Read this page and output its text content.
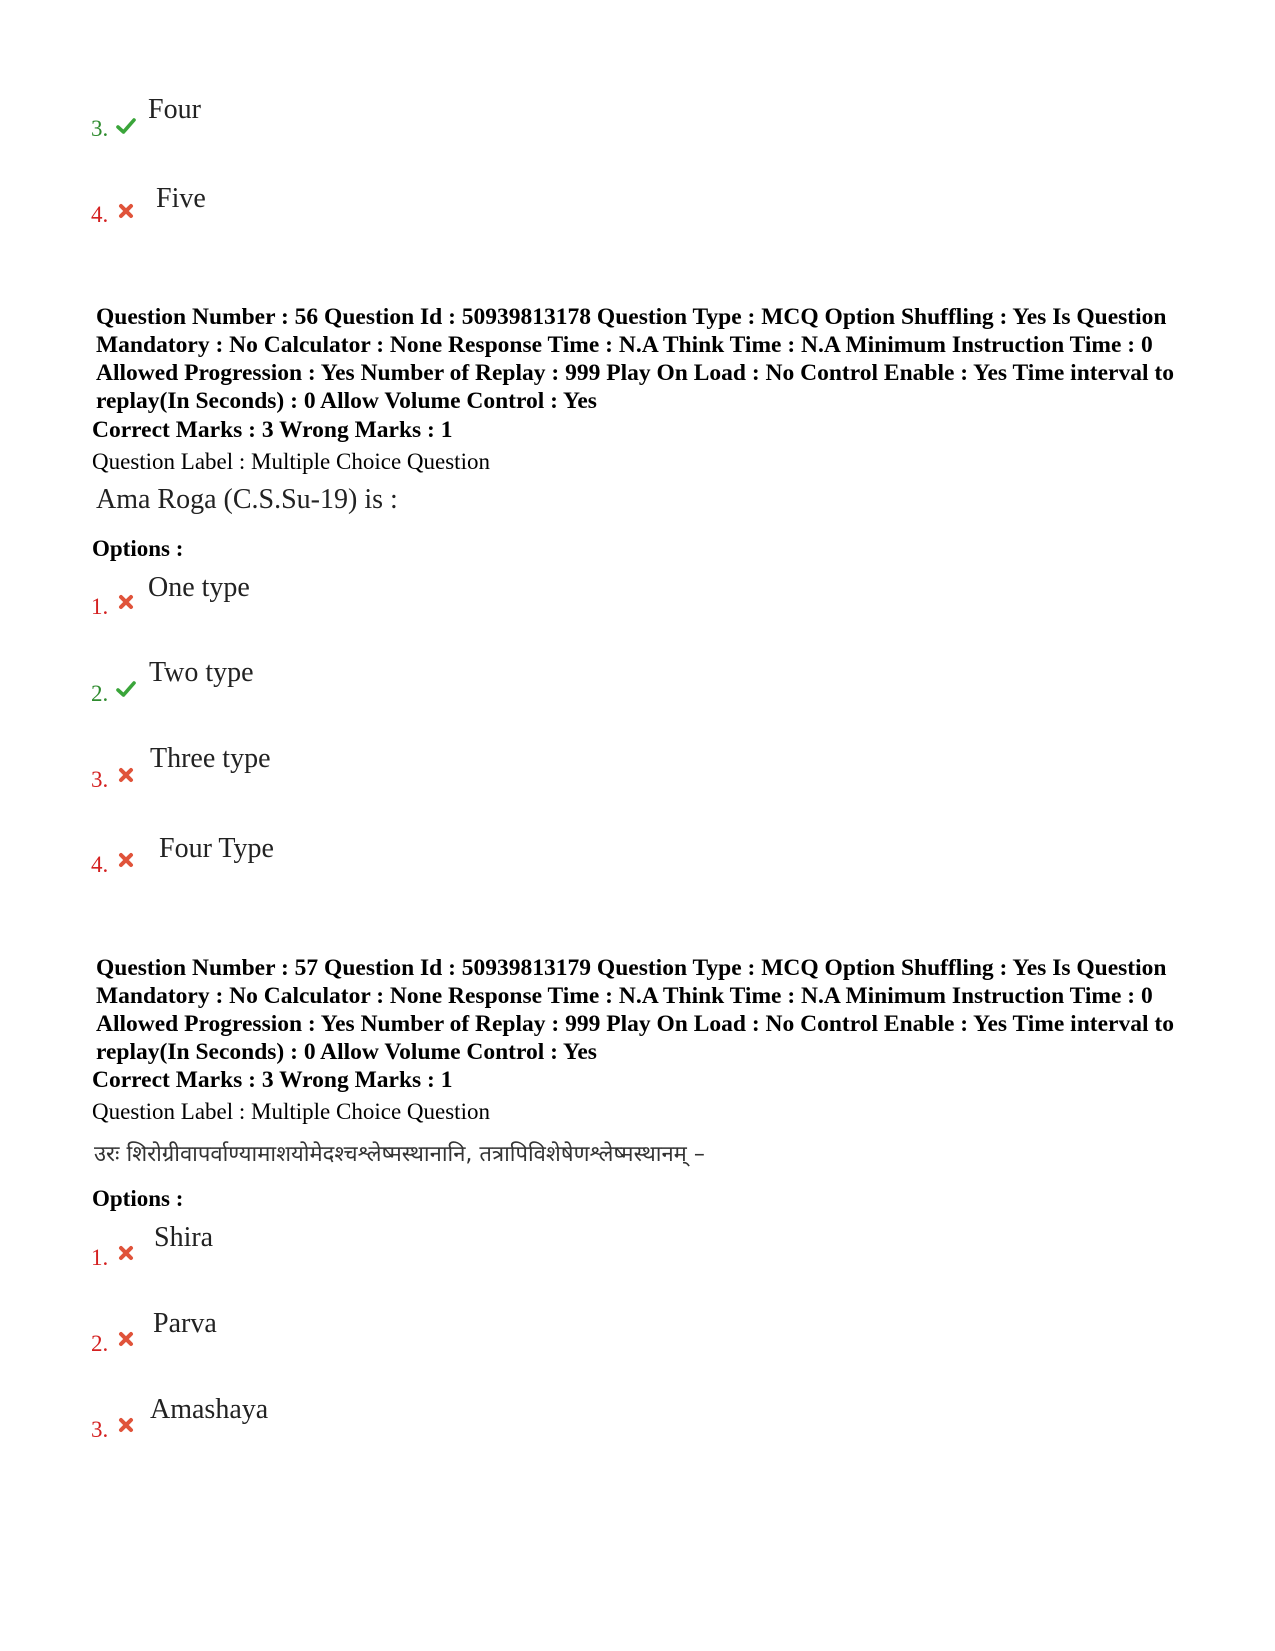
3.
Four
4.
Five
Question Number : 56 Question Id : 50939813178 Question Type : MCQ Option Shuffling : Yes Is Question Mandatory : No Calculator : None Response Time : N.A Think Time : N.A Minimum Instruction Time : 0 Allowed Progression : Yes Number of Replay : 999 Play On Load : No Control Enable : Yes Time interval to replay(In Seconds) : 0 Allow Volume Control : Yes
Correct Marks : 3 Wrong Marks : 1
Question Label : Multiple Choice Question
Ama Roga (C.S.Su-19) is :
Options :
1.
One type
2.
Two type
3.
Three type
4.
Four Type
Question Number : 57 Question Id : 50939813179 Question Type : MCQ Option Shuffling : Yes Is Question Mandatory : No Calculator : None Response Time : N.A Think Time : N.A Minimum Instruction Time : 0 Allowed Progression : Yes Number of Replay : 999 Play On Load : No Control Enable : Yes Time interval to replay(In Seconds) : 0 Allow Volume Control : Yes
Correct Marks : 3 Wrong Marks : 1
Question Label : Multiple Choice Question
उरः शिरोग्रीवापर्वाण्यामाशयोमेदश्चश्लेष्मस्थानानि, तत्रापिविशेषेणश्लेष्मस्थानम् –
Options :
1.
Shira
2.
Parva
3.
Amashaya
